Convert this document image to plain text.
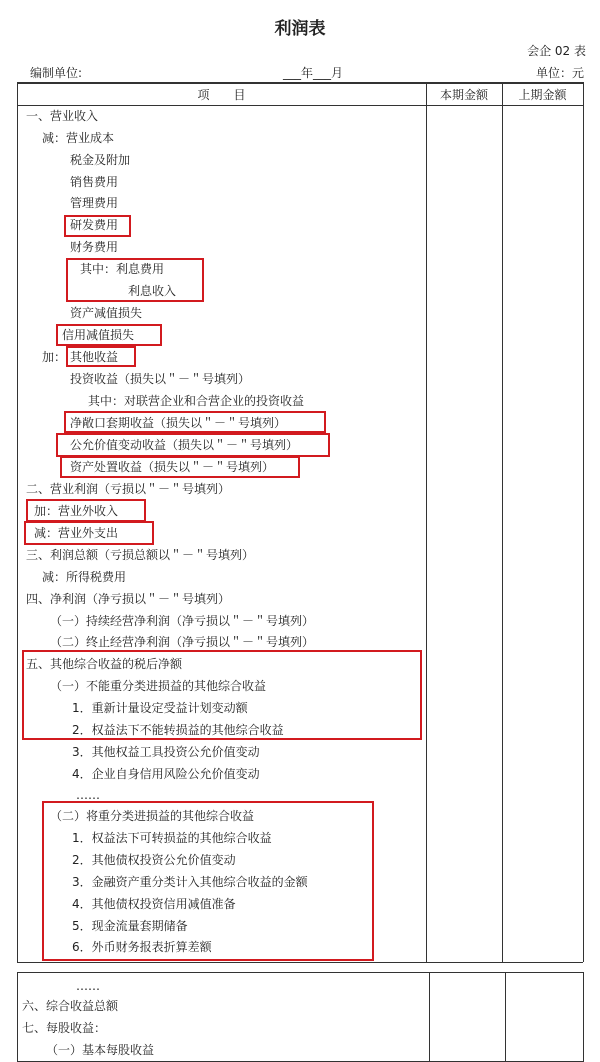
利润表
会企 02 表
编制单位:	___年___月	单位：元
项　　目	本期金额	上期金额
一、营业收入
减：营业成本
税金及附加
销售费用
管理费用
研发费用
财务费用
其中：利息费用
利息收入
资产减值损失
信用减值损失
加： 其他收益
投资收益（损失以＂－＂号填列）
其中：对联营企业和合营企业的投资收益
净敞口套期收益（损失以＂－＂号填列）
公允价值变动收益（损失以＂－＂号填列）
资产处置收益（损失以＂－＂号填列）
二、营业利润（亏损以＂－＂号填列）
加：营业外收入
减：营业外支出
三、利润总额（亏损总额以＂－＂号填列）
减：所得税费用
四、净利润（净亏损以＂－＂号填列）
（一）持续经营净利润（净亏损以＂－＂号填列）
（二）终止经营净利润（净亏损以＂－＂号填列）
五、其他综合收益的税后净额
（一）不能重分类进损益的其他综合收益
1．重新计量设定受益计划变动额
2．权益法下不能转损益的其他综合收益
3．其他权益工具投资公允价值变动
4．企业自身信用风险公允价值变动
……
（二）将重分类进损益的其他综合收益
1．权益法下可转损益的其他综合收益
2．其他债权投资公允价值变动
3．金融资产重分类计入其他综合收益的金额
4．其他债权投资信用减值准备
5．现金流量套期储备
6．外币财务报表折算差额
……
六、综合收益总额
七、每股收益：
（一）基本每股收益
